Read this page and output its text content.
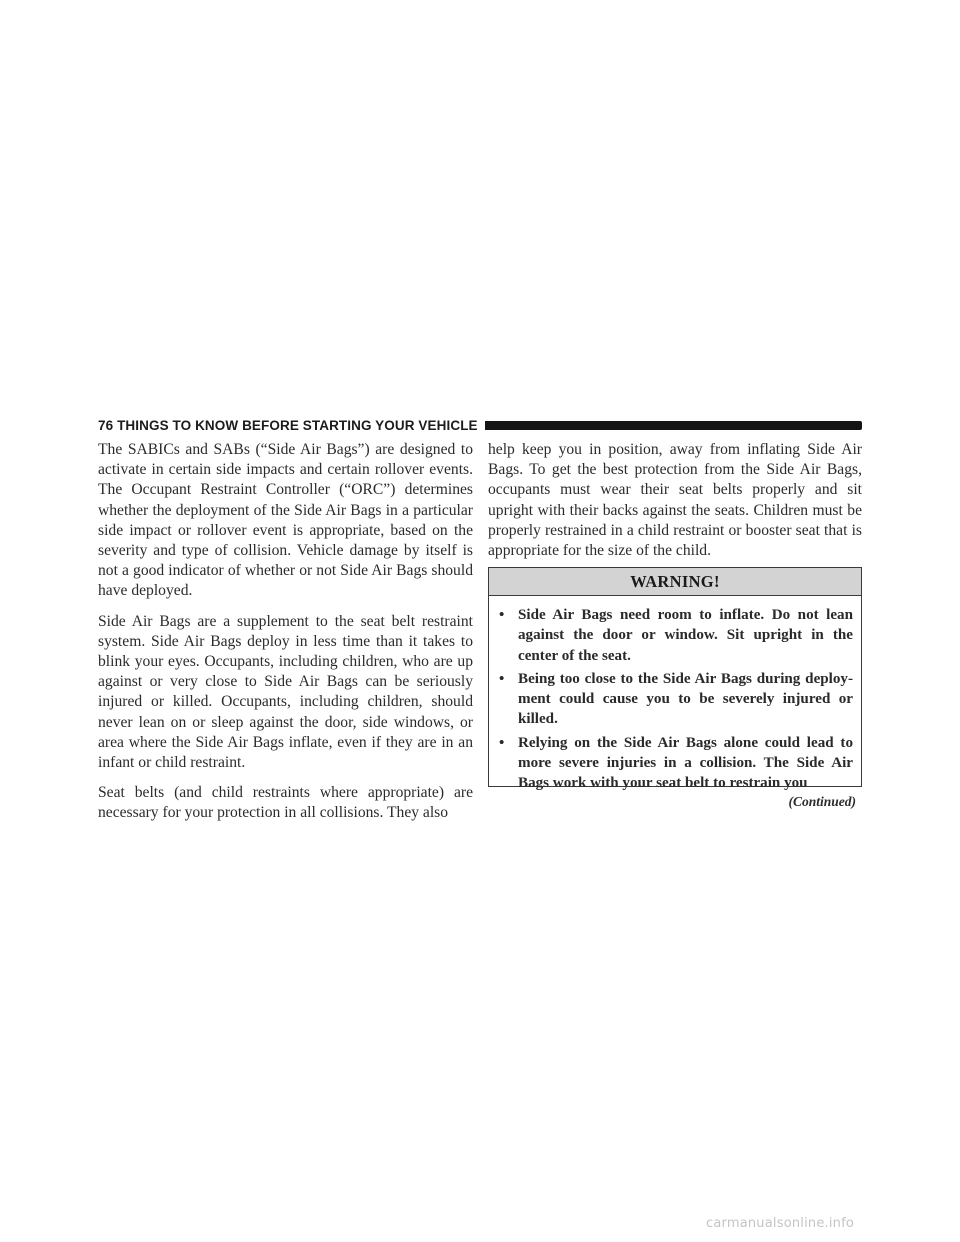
76 THINGS TO KNOW BEFORE STARTING YOUR VEHICLE

The SABICs and SABs (“Side Air Bags”) are designed to activate in certain side impacts and certain rollover events. The Occupant Restraint Controller (“ORC”) determines whether the deployment of the Side Air Bags in a particular side impact or rollover event is appropriate, based on the severity and type of collision. Vehicle damage by itself is not a good indicator of whether or not Side Air Bags should have deployed.

Side Air Bags are a supplement to the seat belt restraint system. Side Air Bags deploy in less time than it takes to blink your eyes. Occupants, including children, who are up against or very close to Side Air Bags can be seriously injured or killed. Occupants, including children, should never lean on or sleep against the door, side windows, or area where the Side Air Bags inflate, even if they are in an infant or child restraint.

Seat belts (and child restraints where appropriate) are necessary for your protection in all collisions. They also

help keep you in position, away from inflating Side Air Bags. To get the best protection from the Side Air Bags, occupants must wear their seat belts properly and sit upright with their backs against the seats. Children must be properly restrained in a child restraint or booster seat that is appropriate for the size of the child.

WARNING!
• Side Air Bags need room to inflate. Do not lean against the door or window. Sit upright in the center of the seat.
• Being too close to the Side Air Bags during deployment could cause you to be severely injured or killed.
• Relying on the Side Air Bags alone could lead to more severe injuries in a collision. The Side Air Bags work with your seat belt to restrain you
(Continued)
carmanualsonline.info
